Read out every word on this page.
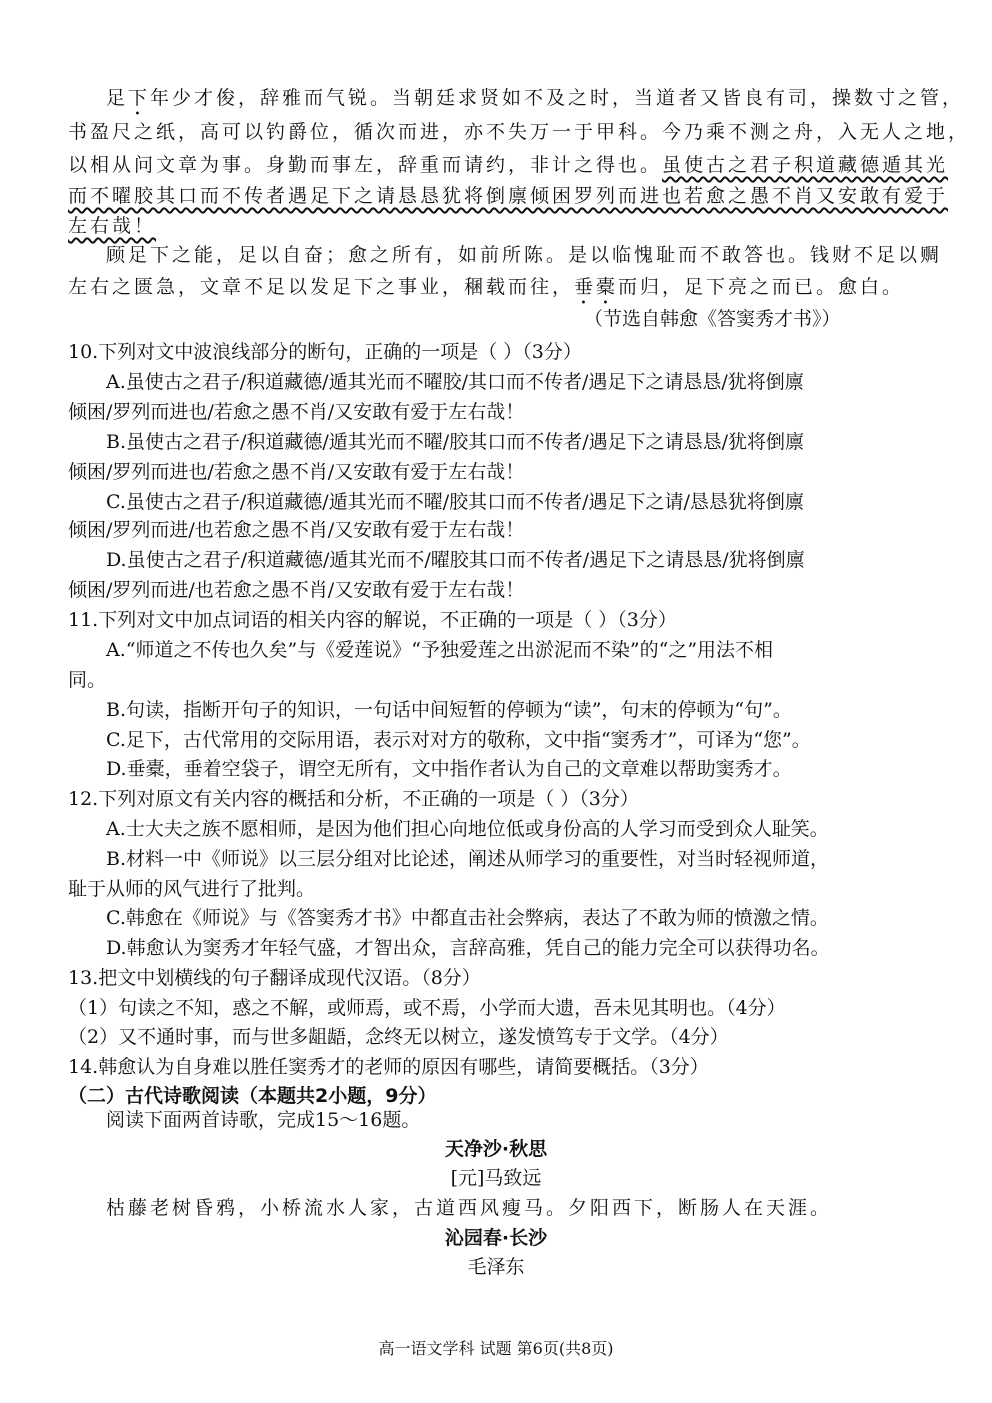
足下年少才俊，辞雅而气锐。当朝廷求贤如不及之时，当道者又皆良有司，操数寸之管，
书盈尺之纸，高可以钓爵位，循次而进，亦不失万一于甲科。今乃乘不测之舟，入无人之地，
以相从问文章为事。身勤而事左，辞重而请约，非计之得也。虽使古之君子积道藏德遁其光
而不曜胶其口而不传者遇足下之请恳恳犹将倒廪倾困罗列而进也若愈之愚不肖又安敢有爱于
左右哉！
顾足下之能，足以自奋；愈之所有，如前所陈。是以临愧耻而不敢答也。钱财不足以赒
左右之匮急，文章不足以发足下之事业，稛载而往，垂橐而归，足下亮之而已。愈白。
（节选自韩愈《答窦秀才书》）
10.下列对文中波浪线部分的断句，正确的一项是（ ）（3分）
A.虽使古之君子/积道藏德/遁其光而不曜胶/其口而不传者/遇足下之请恳恳/犹将倒廪
倾困/罗列而进也/若愈之愚不肖/又安敢有爱于左右哉！
B.虽使古之君子/积道藏德/遁其光而不曜/胶其口而不传者/遇足下之请恳恳/犹将倒廪
倾困/罗列而进也/若愈之愚不肖/又安敢有爱于左右哉！
C.虽使古之君子/积道藏德/遁其光而不曜/胶其口而不传者/遇足下之请/恳恳犹将倒廪
倾困/罗列而进/也若愈之愚不肖/又安敢有爱于左右哉！
D.虽使古之君子/积道藏德/遁其光而不/曜胶其口而不传者/遇足下之请恳恳/犹将倒廪
倾困/罗列而进/也若愈之愚不肖/又安敢有爱于左右哉！
11.下列对文中加点词语的相关内容的解说，不正确的一项是（ ）（3分）
A.“师道之不传也久矣”与《爱莲说》“予独爱莲之出淤泥而不染”的“之”用法不相
同。
B.句读，指断开句子的知识，一句话中间短暂的停顿为“读”，句末的停顿为“句”。
C.足下，古代常用的交际用语，表示对对方的敬称，文中指“窦秀才”，可译为“您”。
D.垂橐，垂着空袋子，谓空无所有，文中指作者认为自己的文章难以帮助窦秀才。
12.下列对原文有关内容的概括和分析，不正确的一项是（ ）（3分）
A.士大夫之族不愿相师，是因为他们担心向地位低或身份高的人学习而受到众人耻笑。
B.材料一中《师说》以三层分组对比论述，阐述从师学习的重要性，对当时轻视师道，
耻于从师的风气进行了批判。
C.韩愈在《师说》与《答窦秀才书》中都直击社会弊病，表达了不敢为师的愤激之情。
D.韩愈认为窦秀才年轻气盛，才智出众，言辞高雅，凭自己的能力完全可以获得功名。
13.把文中划横线的句子翻译成现代汉语。（8分）
（1）句读之不知，惑之不解，或师焉，或不焉，小学而大遗，吾未见其明也。（4分）
（2）又不通时事，而与世多龃龉，念终无以树立，遂发愤笃专于文学。（4分）
14.韩愈认为自身难以胜任窦秀才的老师的原因有哪些，请简要概括。（3分）
（二）古代诗歌阅读（本题共2小题，9分）
阅读下面两首诗歌，完成15～16题。
天净沙·秋思
[元]马致远
枯藤老树昏鸦，小桥流水人家，古道西风瘦马。夕阳西下，断肠人在天涯。
沁园春·长沙
毛泽东
高一语文学科 试题 第6页(共8页)
